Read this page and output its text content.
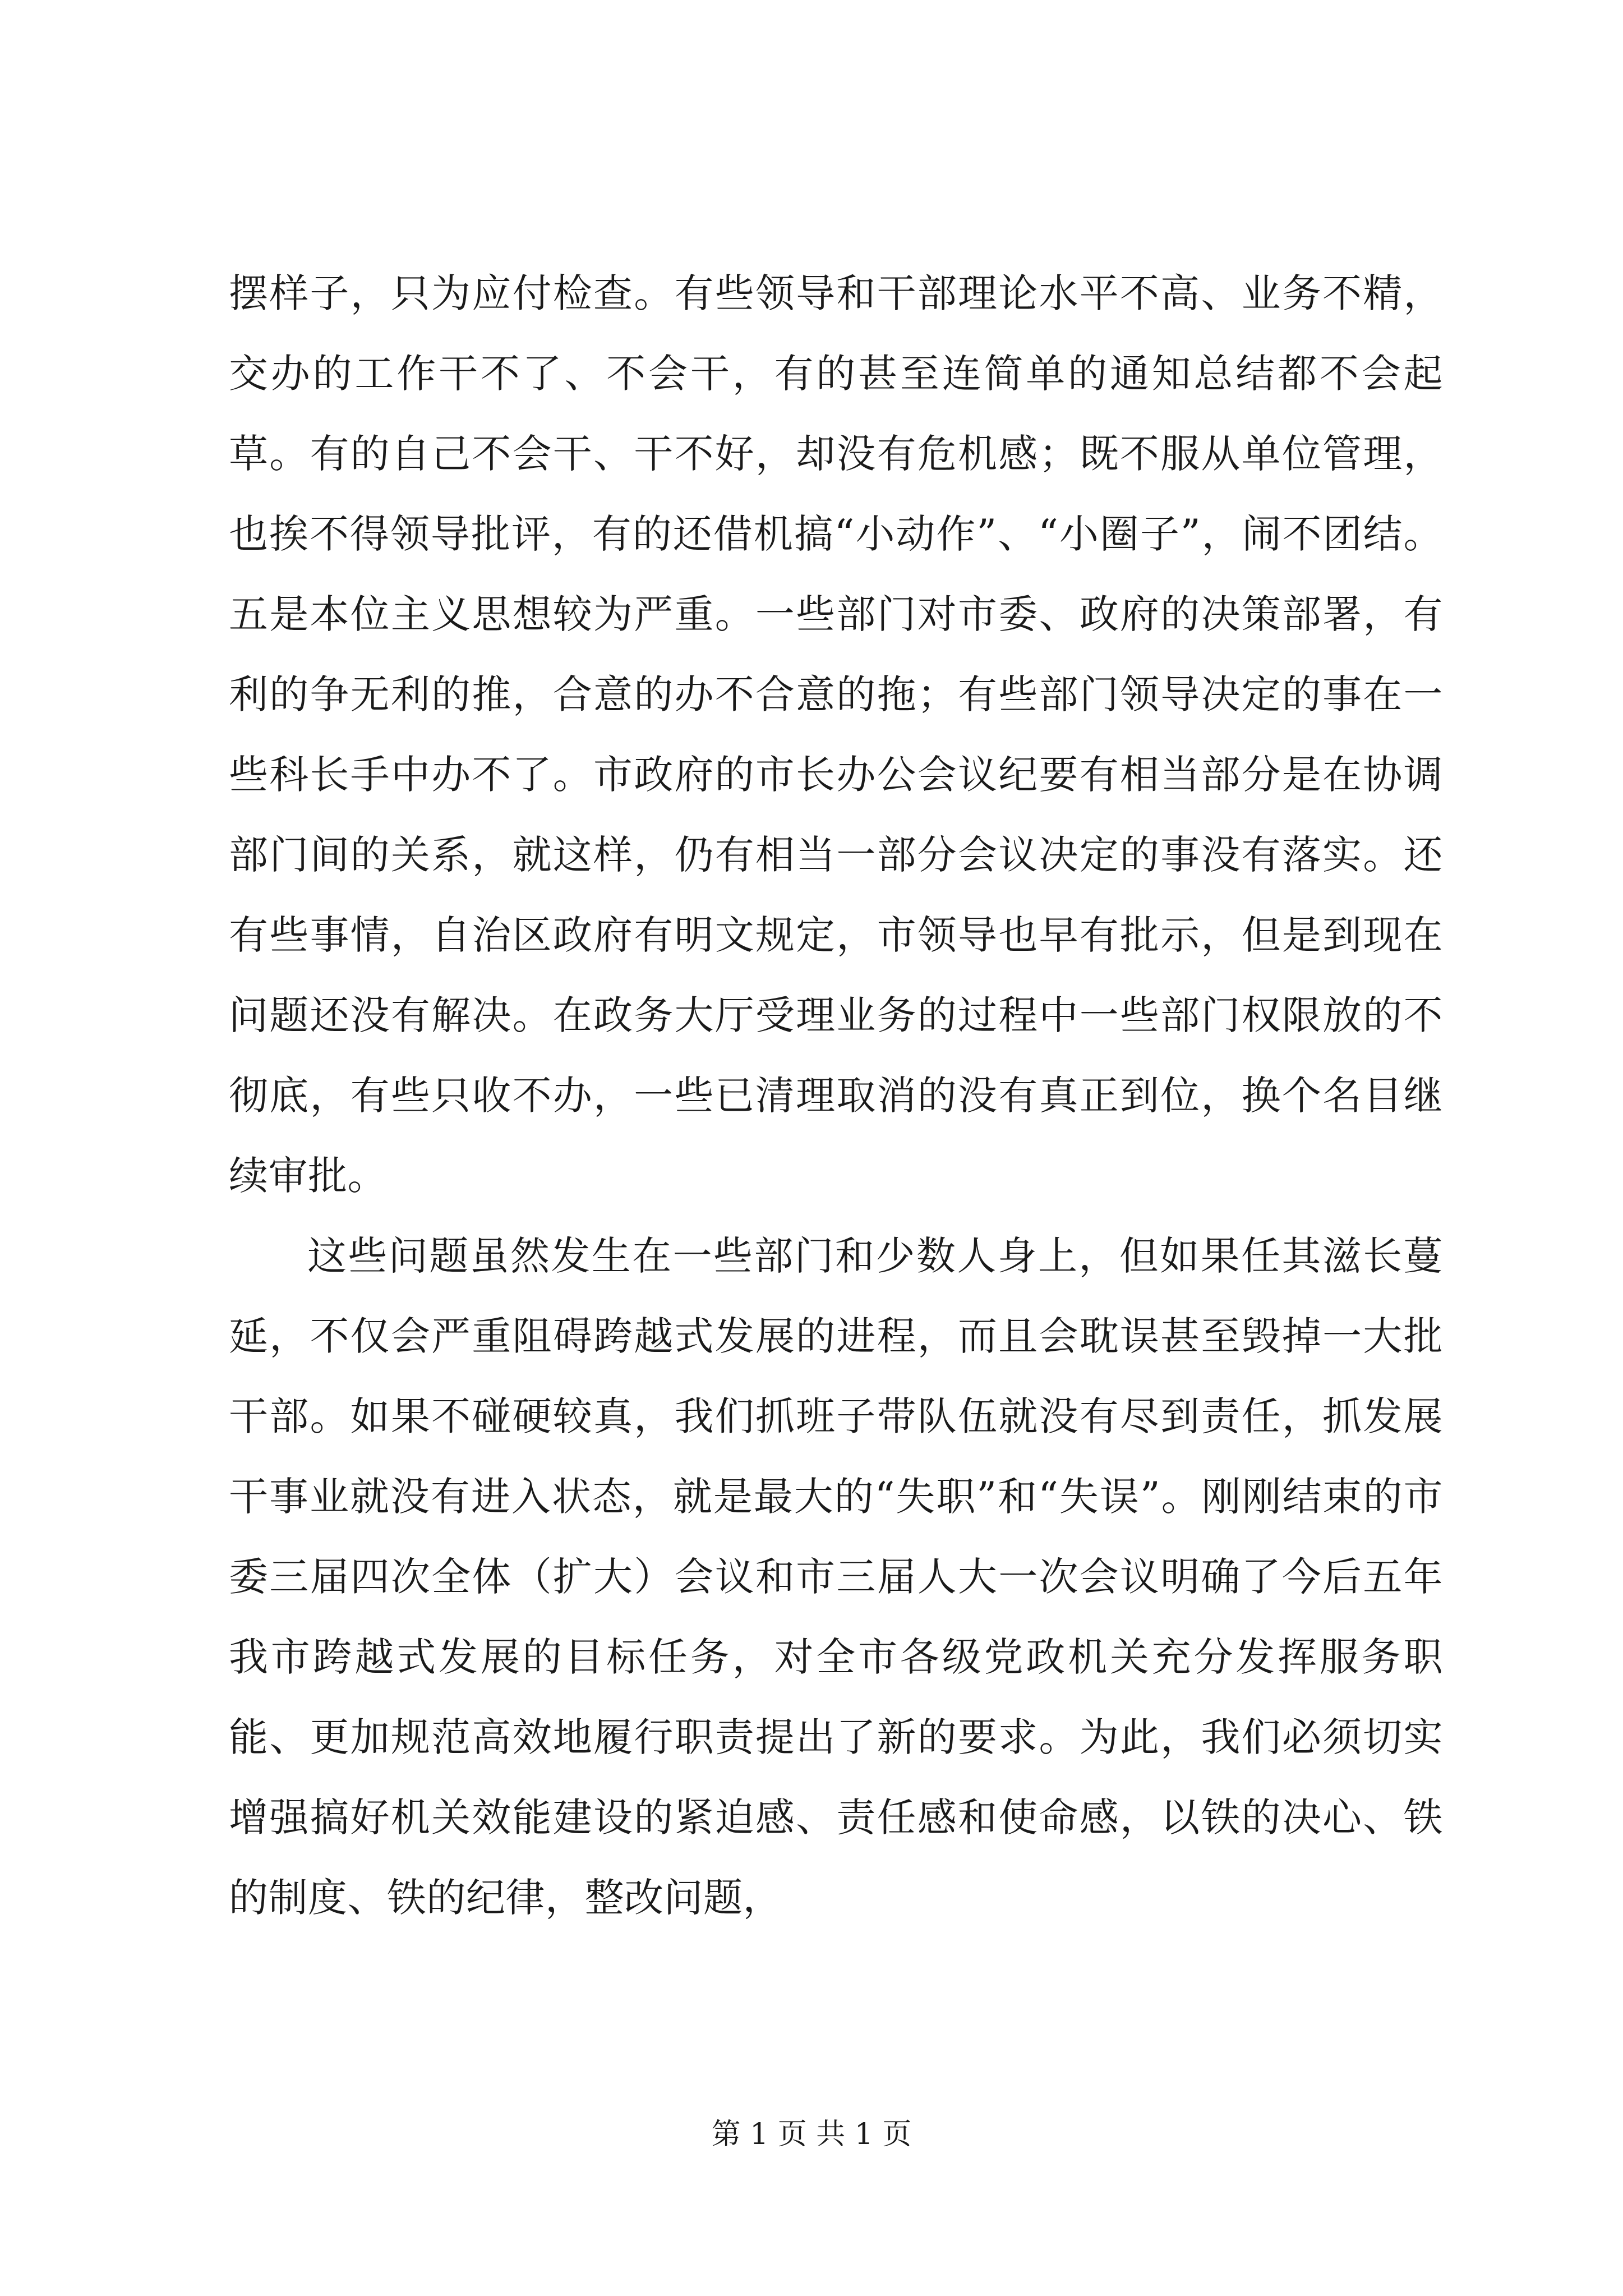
摆样子，只为应付检查。有些领导和干部理论水平不高、业务不精，交办的工作干不了、不会干，有的甚至连简单的通知总结都不会起草。有的自己不会干、干不好，却没有危机感；既不服从单位管理，也挨不得领导批评，有的还借机搞“小动作”、“小圈子”，闹不团结。五是本位主义思想较为严重。一些部门对市委、政府的决策部署，有利的争无利的推，合意的办不合意的拖；有些部门领导决定的事在一些科长手中办不了。市政府的市长办公会议纪要有相当部分是在协调部门间的关系，就这样，仍有相当一部分会议决定的事没有落实。还有些事情，自治区政府有明文规定，市领导也早有批示，但是到现在问题还没有解决。在政务大厅受理业务的过程中一些部门权限放的不彻底，有些只收不办，一些已清理取消的没有真正到位，换个名目继续审批。

这些问题虽然发生在一些部门和少数人身上，但如果任其滋长蔓延，不仅会严重阻碍跨越式发展的进程，而且会耽误甚至毁掉一大批干部。如果不碰硬较真，我们抓班子带队伍就没有尽到责任，抓发展干事业就没有进入状态，就是最大的“失职”和“失误”。刚刚结束的市委三届四次全体（扩大）会议和市三届人大一次会议明确了今后五年我市跨越式发展的目标任务，对全市各级党政机关充分发挥服务职能、更加规范高效地履行职责提出了新的要求。为此，我们必须切实增强搞好机关效能建设的紧迫感、责任感和使命感，以铁的决心、铁的制度、铁的纪律，整改问题，

第 1 页 共 1 页
